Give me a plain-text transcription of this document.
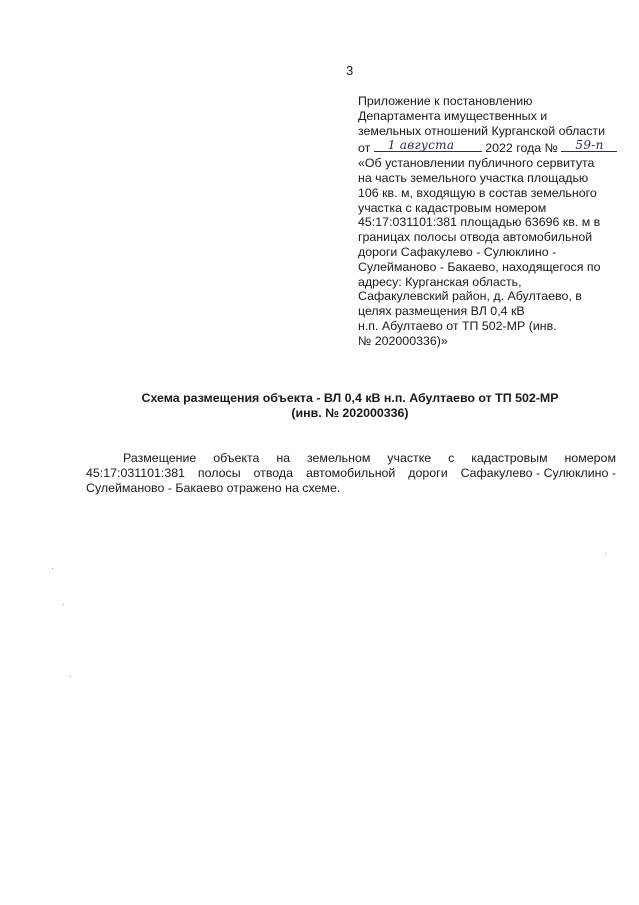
3
Приложение к постановлению
Департамента имущественных и
земельных отношений Курганской области
от 1 августа 2022 года № 59-п
«Об установлении публичного сервитута
на часть земельного участка площадью
106 кв. м, входящую в состав земельного
участка с кадастровым номером
45:17:031101:381 площадью 63696 кв. м в
границах полосы отвода автомобильной
дороги Сафакулево - Сулюклино -
Сулейманово - Бакаево, находящегося по
адресу: Курганская область,
Сафакулевский район, д. Абултаево, в
целях размещения ВЛ 0,4 кВ
н.п. Абултаево от ТП 502-МР (инв.
№ 202000336)»
Схема размещения объекта - ВЛ 0,4 кВ н.п. Абултаево от ТП 502-МР
(инв. № 202000336)
Размещение объекта на земельном участке с кадастровым номером
45:17:031101:381 полосы отвода автомобильной дороги Сафакулево - Сулюклино -
Сулейманово - Бакаево отражено на схеме.
